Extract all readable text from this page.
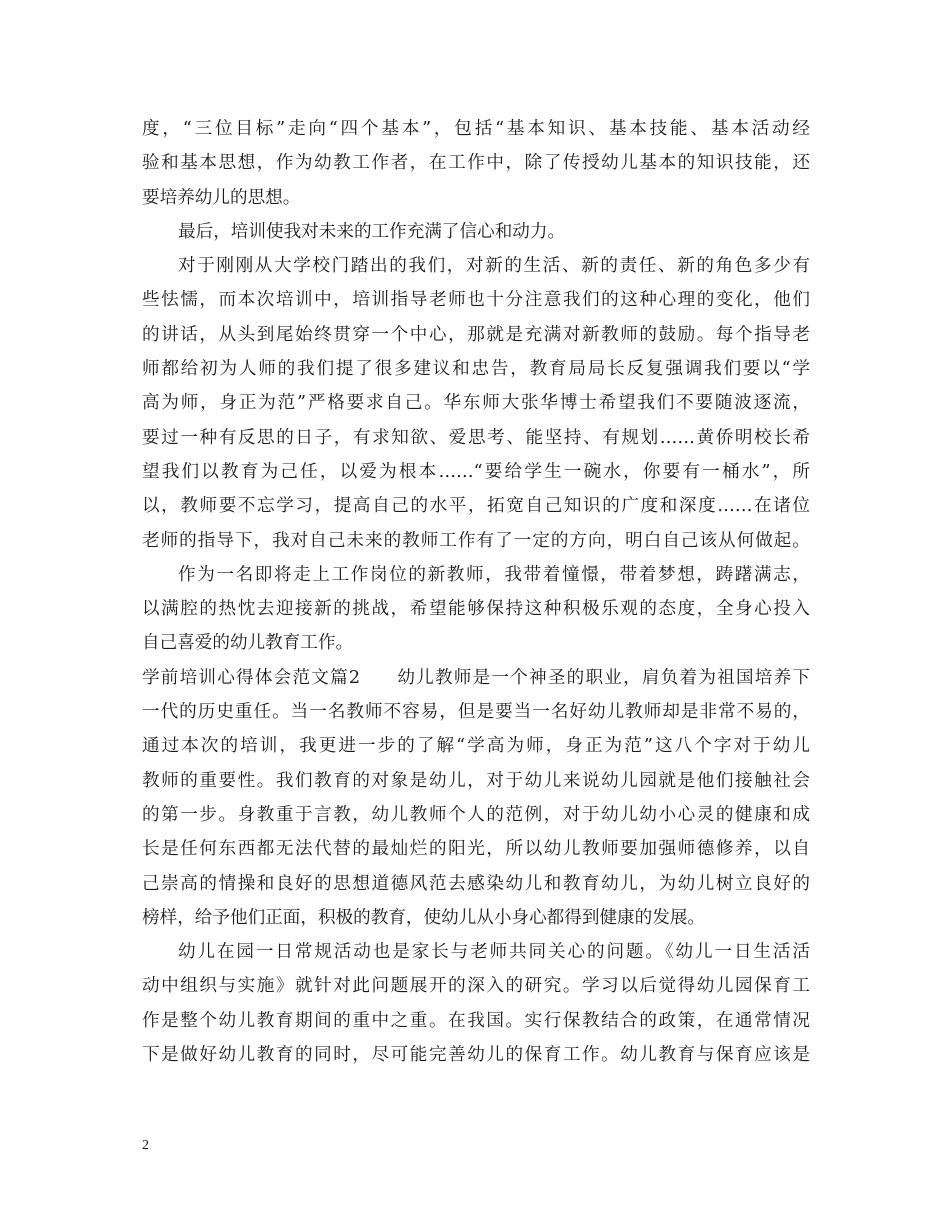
度，“三位目标”走向“四个基本”，包括“基本知识、基本技能、基本活动经
验和基本思想，作为幼教工作者，在工作中，除了传授幼儿基本的知识技能，还
要培养幼儿的思想。
最后，培训使我对未来的工作充满了信心和动力。
对于刚刚从大学校门踏出的我们，对新的生活、新的责任、新的角色多少有
些怯懦，而本次培训中，培训指导老师也十分注意我们的这种心理的变化，他们
的讲话，从头到尾始终贯穿一个中心，那就是充满对新教师的鼓励。每个指导老
师都给初为人师的我们提了很多建议和忠告，教育局局长反复强调我们要以“学
高为师，身正为范”严格要求自己。华东师大张华博士希望我们不要随波逐流，
要过一种有反思的日子，有求知欲、爱思考、能坚持、有规划……黄侨明校长希
望我们以教育为己任，以爱为根本……“要给学生一碗水，你要有一桶水”，所
以，教师要不忘学习，提高自己的水平，拓宽自己知识的广度和深度……在诸位
老师的指导下，我对自己未来的教师工作有了一定的方向，明白自己该从何做起。
作为一名即将走上工作岗位的新教师，我带着憧憬，带着梦想，踌躇满志，
以满腔的热忱去迎接新的挑战，希望能够保持这种积极乐观的态度，全身心投入
自己喜爱的幼儿教育工作。
学前培训心得体会范文篇2 幼儿教师是一个神圣的职业，肩负着为祖国培养下
一代的历史重任。当一名教师不容易，但是要当一名好幼儿教师却是非常不易的，
通过本次的培训，我更进一步的了解“学高为师，身正为范”这八个字对于幼儿
教师的重要性。我们教育的对象是幼儿，对于幼儿来说幼儿园就是他们接触社会
的第一步。身教重于言教，幼儿教师个人的范例，对于幼儿幼小心灵的健康和成
长是任何东西都无法代替的最灿烂的阳光，所以幼儿教师要加强师德修养，以自
己崇高的情操和良好的思想道德风范去感染幼儿和教育幼儿，为幼儿树立良好的
榜样，给予他们正面，积极的教育，使幼儿从小身心都得到健康的发展。
幼儿在园一日常规活动也是家长与老师共同关心的问题。《幼儿一日生活活
动中组织与实施》就针对此问题展开的深入的研究。学习以后觉得幼儿园保育工
作是整个幼儿教育期间的重中之重。在我国。实行保教结合的政策，在通常情况
下是做好幼儿教育的同时，尽可能完善幼儿的保育工作。幼儿教育与保育应该是
2
